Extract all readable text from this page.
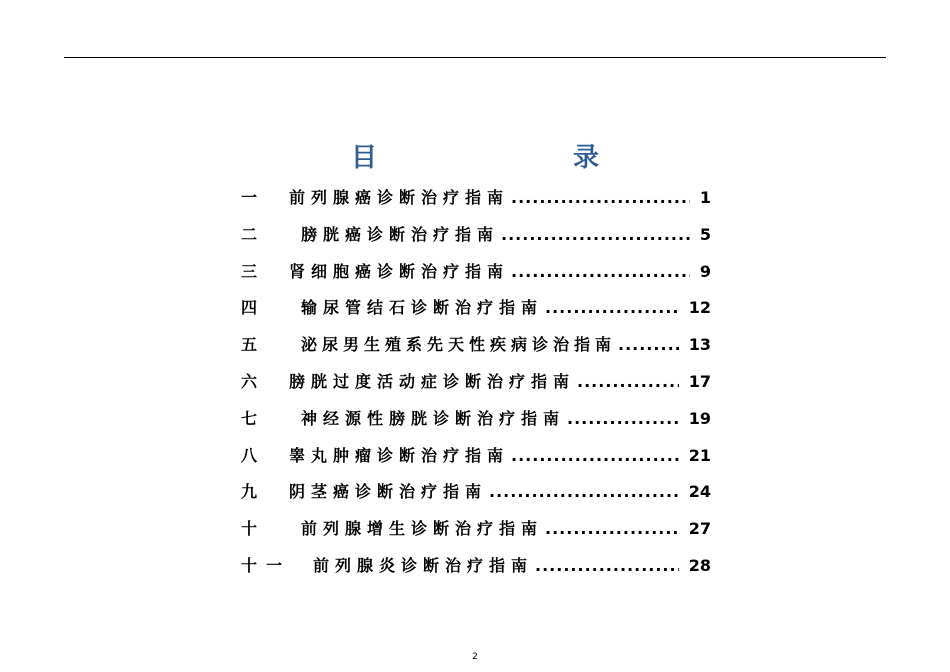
目　　录
一	前列腺癌诊断治疗指南 .....	1
二	膀胱癌诊断治疗指南 .....	5
三	肾细胞癌诊断治疗指南 .....	9
四	输尿管结石诊断治疗指南 .....	12
五	泌尿男生殖系先天性疾病诊治指南 .....	13
六	膀胱过度活动症诊断治疗指南 .....	17
七	神经源性膀胱诊断治疗指南 .....	19
八	睾丸肿瘤诊断治疗指南 .....	21
九	阴茎癌诊断治疗指南 .....	24
十	前列腺增生诊断治疗指南 .....	27
十一	前列腺炎诊断治疗指南 .....	28
2
